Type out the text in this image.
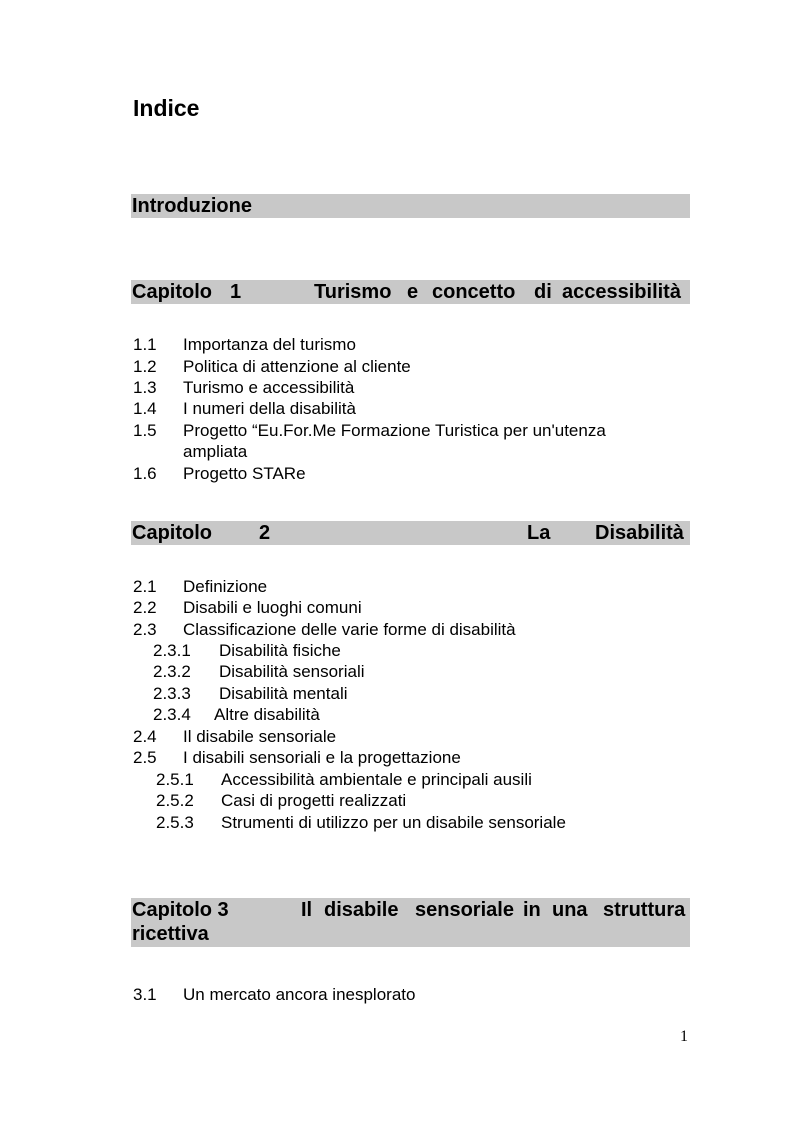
Indice
Introduzione
Capitolo 1	Turismo e concetto di accessibilità
1.1 Importanza del turismo
1.2 Politica di attenzione al cliente
1.3 Turismo e accessibilità
1.4 I numeri della disabilità
1.5 Progetto “Eu.For.Me Formazione Turistica per un'utenza
ampliata
1.6 Progetto STARe
Capitolo 2	La Disabilità
2.1 Definizione
2.2 Disabili e luoghi comuni
2.3 Classificazione delle varie forme di disabilità
2.3.1 Disabilità fisiche
2.3.2 Disabilità sensoriali
2.3.3 Disabilità mentali
2.3.4 Altre disabilità
2.4 Il disabile sensoriale
2.5 I disabili sensoriali e la progettazione
2.5.1 Accessibilità ambientale e principali ausili
2.5.2 Casi di progetti realizzati
2.5.3 Strumenti di utilizzo per un disabile sensoriale
Capitolo 3	Il disabile sensoriale in una struttura
ricettiva
3.1 Un mercato ancora inesplorato
1
